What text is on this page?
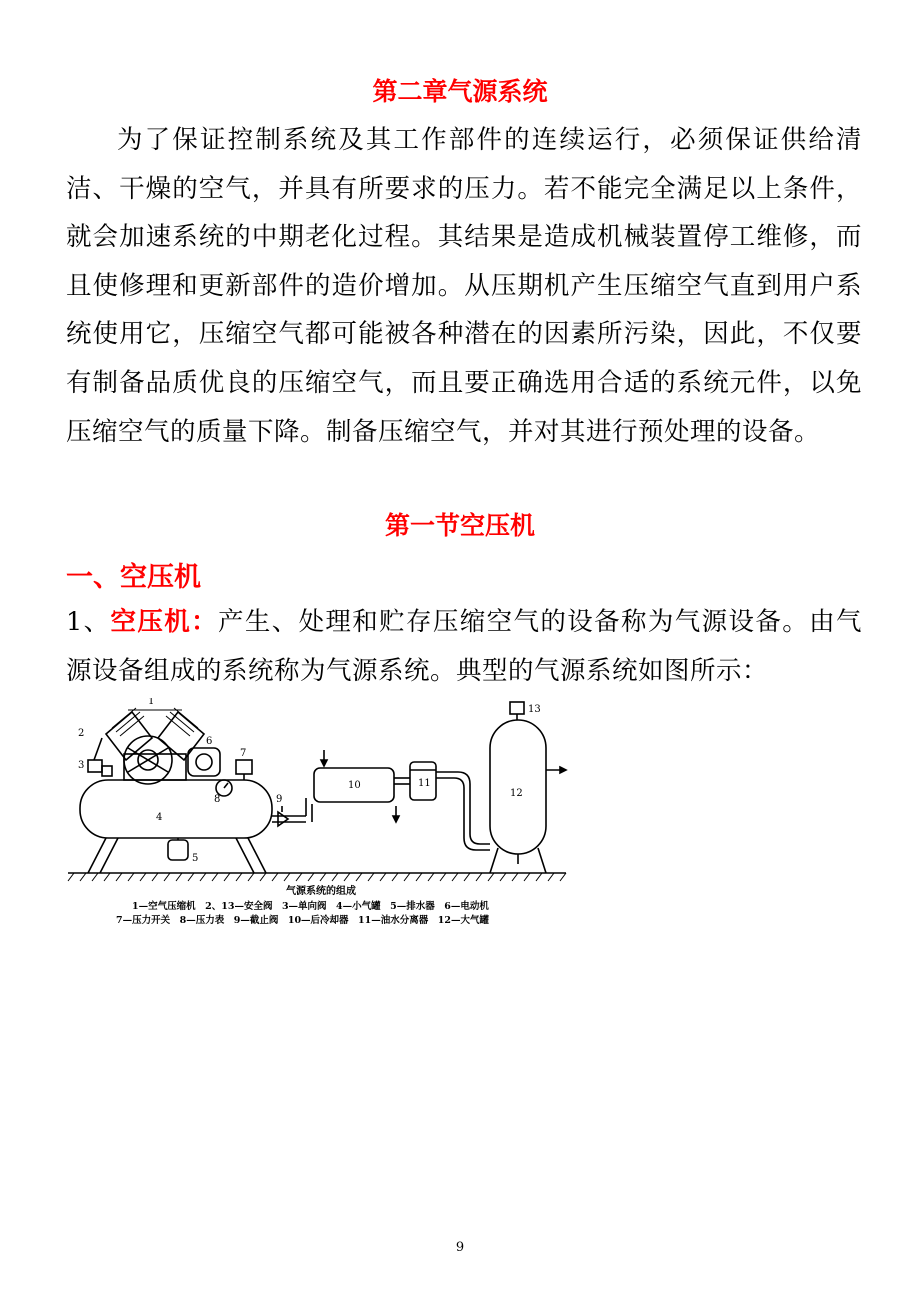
第二章气源系统

为了保证控制系统及其工作部件的连续运行，必须保证供给清洁、干燥的空气，并具有所要求的压力。若不能完全满足以上条件，就会加速系统的中期老化过程。其结果是造成机械装置停工维修，而且使修理和更新部件的造价增加。从压期机产生压缩空气直到用户系统使用它，压缩空气都可能被各种潜在的因素所污染，因此，不仅要有制备品质优良的压缩空气，而且要正确选用合适的系统元件，以免压缩空气的质量下降。制备压缩空气，并对其进行预处理的设备。

第一节空压机
一、空压机

1、空压机：产生、处理和贮存压缩空气的设备称为气源设备。由气源设备组成的系统称为气源系统。典型的气源系统如图所示：

1
2
3
4
5
6
7
8	9
10	11
12
13
气源系统的组成
1—空气压缩机　2、13—安全阀　3—单向阀　4—小气罐　5—排水器　6—电动机
7—压力开关　8—压力表　9—截止阀　10—后冷却器　11—油水分离器　12—大气罐
9
